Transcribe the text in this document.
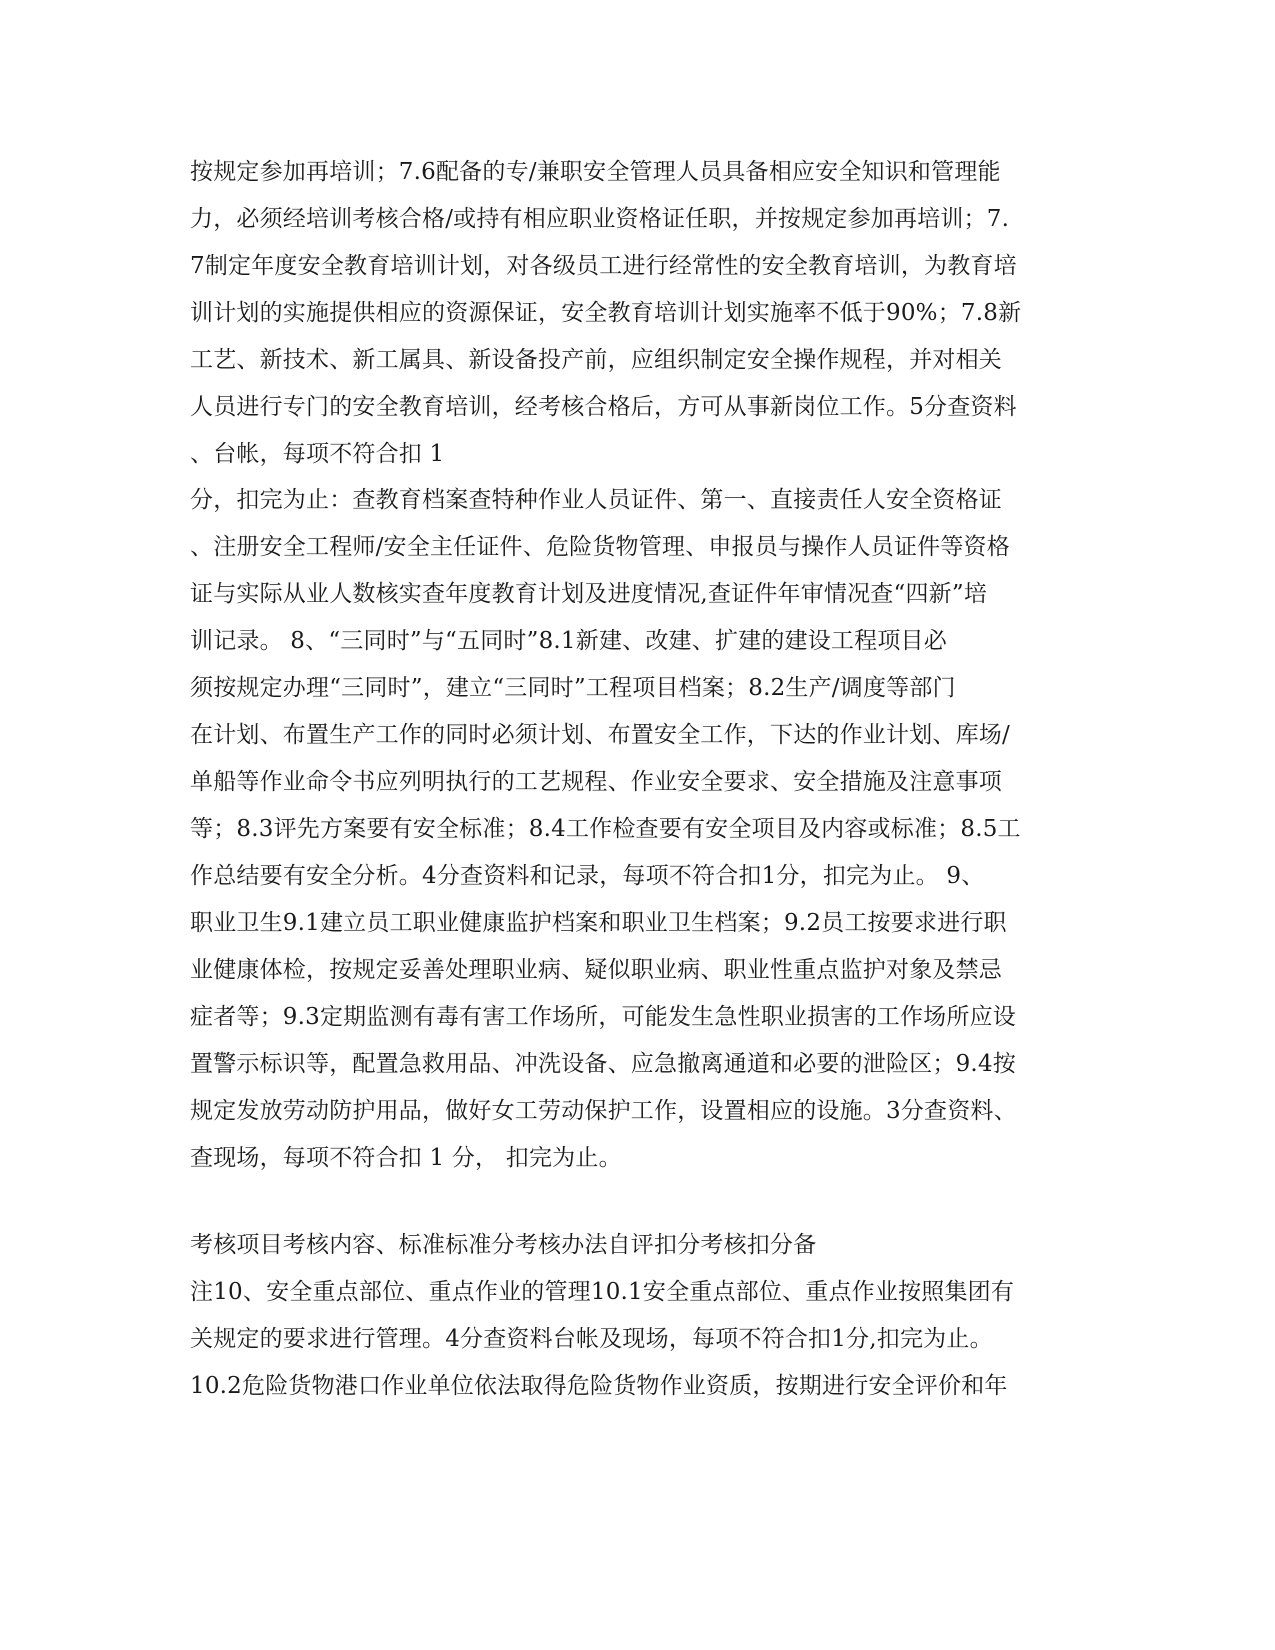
按规定参加再培训；7.6配备的专/兼职安全管理人员具备相应安全知识和管理能

力，必须经培训考核合格/或持有相应职业资格证任职，并按规定参加再培训；7.

7制定年度安全教育培训计划，对各级员工进行经常性的安全教育培训，为教育培

训计划的实施提供相应的资源保证，安全教育培训计划实施率不低于90%；7.8新

工艺、新技术、新工属具、新设备投产前，应组织制定安全操作规程，并对相关

人员进行专门的安全教育培训，经考核合格后，方可从事新岗位工作。5分查资料

、台帐，每项不符合扣 1

分，扣完为止：查教育档案查特种作业人员证件、第一、直接责任人安全资格证

、注册安全工程师/安全主任证件、危险货物管理、申报员与操作人员证件等资格

证与实际从业人数核实查年度教育计划及进度情况,查证件年审情况查“四新”培

训记录。 8、“三同时”与“五同时”8.1新建、改建、扩建的建设工程项目必

须按规定办理“三同时”，建立“三同时”工程项目档案；8.2生产/调度等部门

在计划、布置生产工作的同时必须计划、布置安全工作，下达的作业计划、库场/

单船等作业命令书应列明执行的工艺规程、作业安全要求、安全措施及注意事项

等；8.3评先方案要有安全标准；8.4工作检查要有安全项目及内容或标准；8.5工

作总结要有安全分析。4分查资料和记录，每项不符合扣1分，扣完为止。 9、

职业卫生9.1建立员工职业健康监护档案和职业卫生档案；9.2员工按要求进行职

业健康体检，按规定妥善处理职业病、疑似职业病、职业性重点监护对象及禁忌

症者等；9.3定期监测有毒有害工作场所，可能发生急性职业损害的工作场所应设

置警示标识等，配置急救用品、冲洗设备、应急撤离通道和必要的泄险区；9.4按

规定发放劳动防护用品，做好女工劳动保护工作，设置相应的设施。3分查资料、

查现场，每项不符合扣 1 分， 扣完为止。

考核项目考核内容、标准标准分考核办法自评扣分考核扣分备

注10、安全重点部位、重点作业的管理10.1安全重点部位、重点作业按照集团有

关规定的要求进行管理。4分查资料台帐及现场，每项不符合扣1分,扣完为止。

10.2危险货物港口作业单位依法取得危险货物作业资质，按期进行安全评价和年
